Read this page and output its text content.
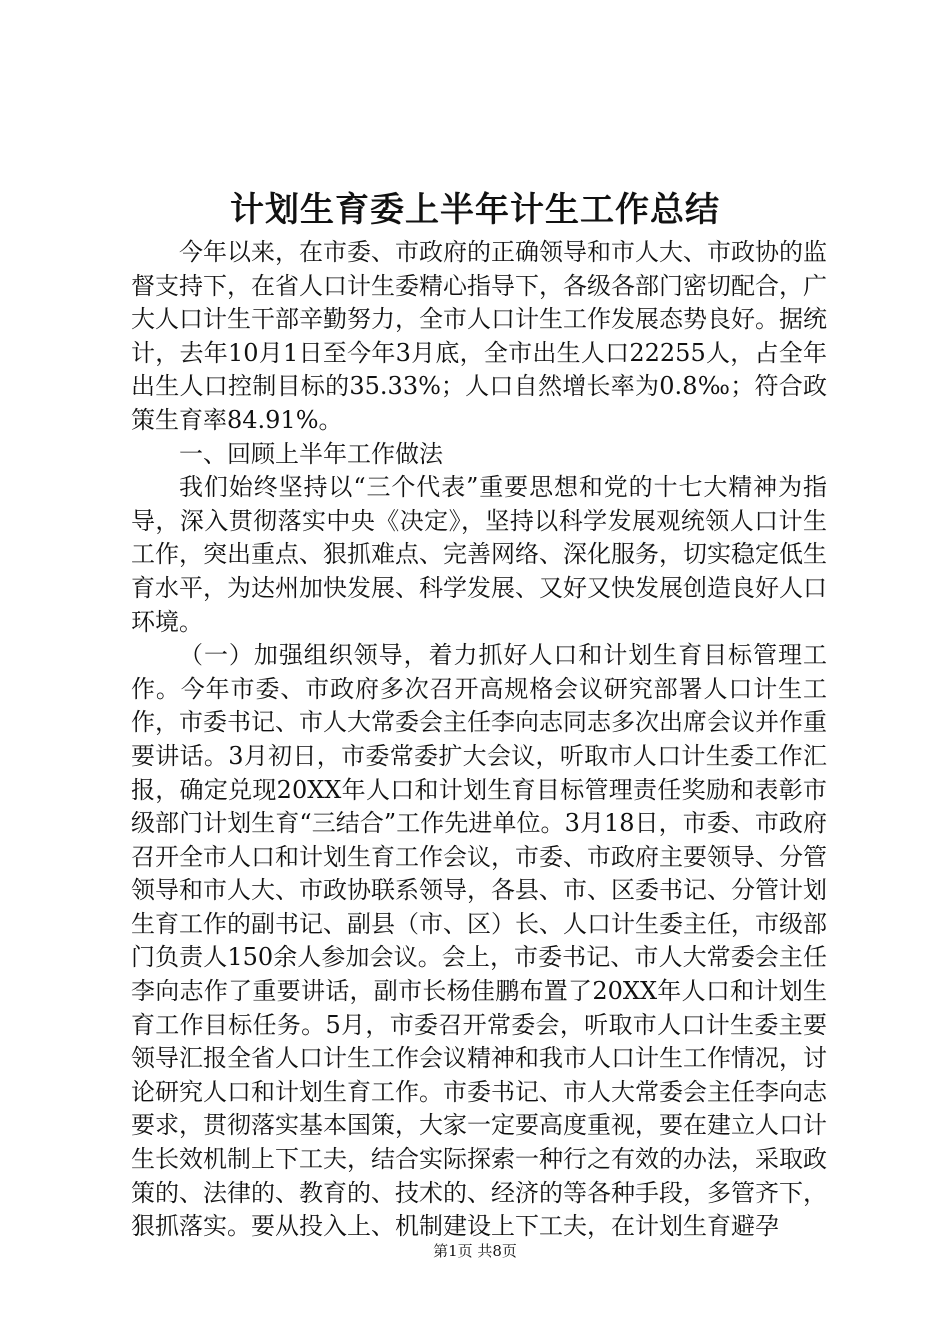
计划生育委上半年计生工作总结

今年以来，在市委、市政府的正确领导和市人大、市政协的监督支持下，在省人口计生委精心指导下，各级各部门密切配合，广大人口计生干部辛勤努力，全市人口计生工作发展态势良好。据统计，去年10月1日至今年3月底，全市出生人口22255人，占全年出生人口控制目标的35.33%；人口自然增长率为0.8‰；符合政策生育率84.91%。

一、回顾上半年工作做法

我们始终坚持以“三个代表”重要思想和党的十七大精神为指导，深入贯彻落实中央《决定》，坚持以科学发展观统领人口计生工作，突出重点、狠抓难点、完善网络、深化服务，切实稳定低生育水平，为达州加快发展、科学发展、又好又快发展创造良好人口环境。

（一）加强组织领导，着力抓好人口和计划生育目标管理工作。今年市委、市政府多次召开高规格会议研究部署人口计生工作，市委书记、市人大常委会主任李向志同志多次出席会议并作重要讲话。3月初日，市委常委扩大会议，听取市人口计生委工作汇报，确定兑现20XX年人口和计划生育目标管理责任奖励和表彰市级部门计划生育“三结合”工作先进单位。3月18日，市委、市政府召开全市人口和计划生育工作会议，市委、市政府主要领导、分管领导和市人大、市政协联系领导，各县、市、区委书记、分管计划生育工作的副书记、副县（市、区）长、人口计生委主任，市级部门负责人150余人参加会议。会上，市委书记、市人大常委会主任李向志作了重要讲话，副市长杨佳鹏布置了20XX年人口和计划生育工作目标任务。5月，市委召开常委会，听取市人口计生委主要领导汇报全省人口计生工作会议精神和我市人口计生工作情况，讨论研究人口和计划生育工作。市委书记、市人大常委会主任李向志要求，贯彻落实基本国策，大家一定要高度重视，要在建立人口计生长效机制上下工夫，结合实际探索一种行之有效的办法，采取政策的、法律的、教育的、技术的、经济的等各种手段，多管齐下，狠抓落实。要从投入上、机制建设上下工夫，在计划生育避孕

第1页 共8页
